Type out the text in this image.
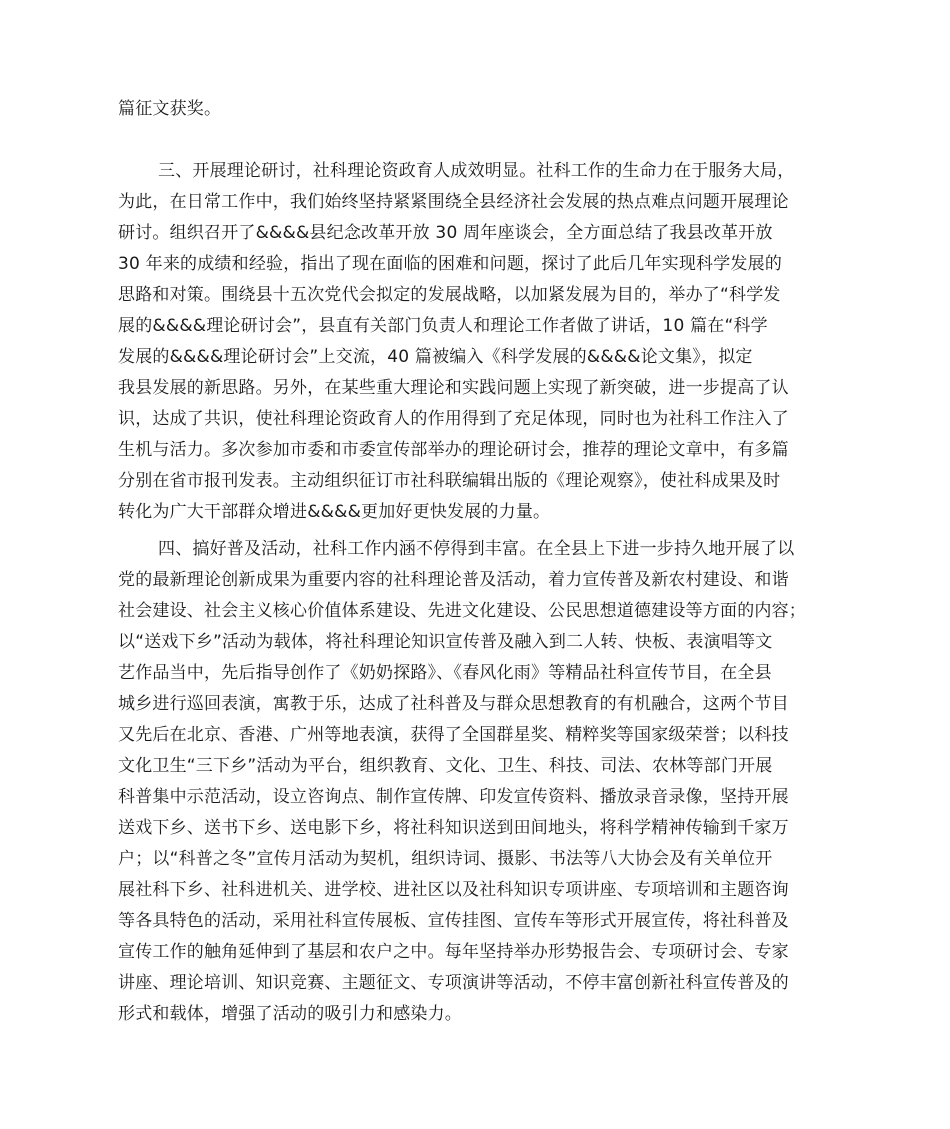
篇征文获奖。
三、开展理论研讨，社科理论资政育人成效明显。社科工作的生命力在于服务大局，
为此，在日常工作中，我们始终坚持紧紧围绕全县经济社会发展的热点难点问题开展理论
研讨。组织召开了&&&&县纪念改革开放 30 周年座谈会，全方面总结了我县改革开放
30 年来的成绩和经验，指出了现在面临的困难和问题，探讨了此后几年实现科学发展的
思路和对策。围绕县十五次党代会拟定的发展战略，以加紧发展为目的，举办了“科学发
展的&&&&理论研讨会”，县直有关部门负责人和理论工作者做了讲话，10 篇在“科学
发展的&&&&理论研讨会”上交流，40 篇被编入《科学发展的&&&&论文集》，拟定
我县发展的新思路。另外，在某些重大理论和实践问题上实现了新突破，进一步提高了认
识，达成了共识，使社科理论资政育人的作用得到了充足体现，同时也为社科工作注入了
生机与活力。多次参加市委和市委宣传部举办的理论研讨会，推荐的理论文章中，有多篇
分别在省市报刊发表。主动组织征订市社科联编辑出版的《理论观察》，使社科成果及时
转化为广大干部群众增进&&&&更加好更快发展的力量。
四、搞好普及活动，社科工作内涵不停得到丰富。在全县上下进一步持久地开展了以
党的最新理论创新成果为重要内容的社科理论普及活动，着力宣传普及新农村建设、和谐
社会建设、社会主义核心价值体系建设、先进文化建设、公民思想道德建设等方面的内容；
以“送戏下乡”活动为载体，将社科理论知识宣传普及融入到二人转、快板、表演唱等文
艺作品当中，先后指导创作了《奶奶探路》、《春风化雨》等精品社科宣传节目，在全县
城乡进行巡回表演，寓教于乐，达成了社科普及与群众思想教育的有机融合，这两个节目
又先后在北京、香港、广州等地表演，获得了全国群星奖、精粹奖等国家级荣誉；以科技
文化卫生“三下乡”活动为平台，组织教育、文化、卫生、科技、司法、农林等部门开展
科普集中示范活动，设立咨询点、制作宣传牌、印发宣传资料、播放录音录像，坚持开展
送戏下乡、送书下乡、送电影下乡，将社科知识送到田间地头，将科学精神传输到千家万
户；以“科普之冬”宣传月活动为契机，组织诗词、摄影、书法等八大协会及有关单位开
展社科下乡、社科进机关、进学校、进社区以及社科知识专项讲座、专项培训和主题咨询
等各具特色的活动，采用社科宣传展板、宣传挂图、宣传车等形式开展宣传，将社科普及
宣传工作的触角延伸到了基层和农户之中。每年坚持举办形势报告会、专项研讨会、专家
讲座、理论培训、知识竞赛、主题征文、专项演讲等活动，不停丰富创新社科宣传普及的
形式和载体，增强了活动的吸引力和感染力。
